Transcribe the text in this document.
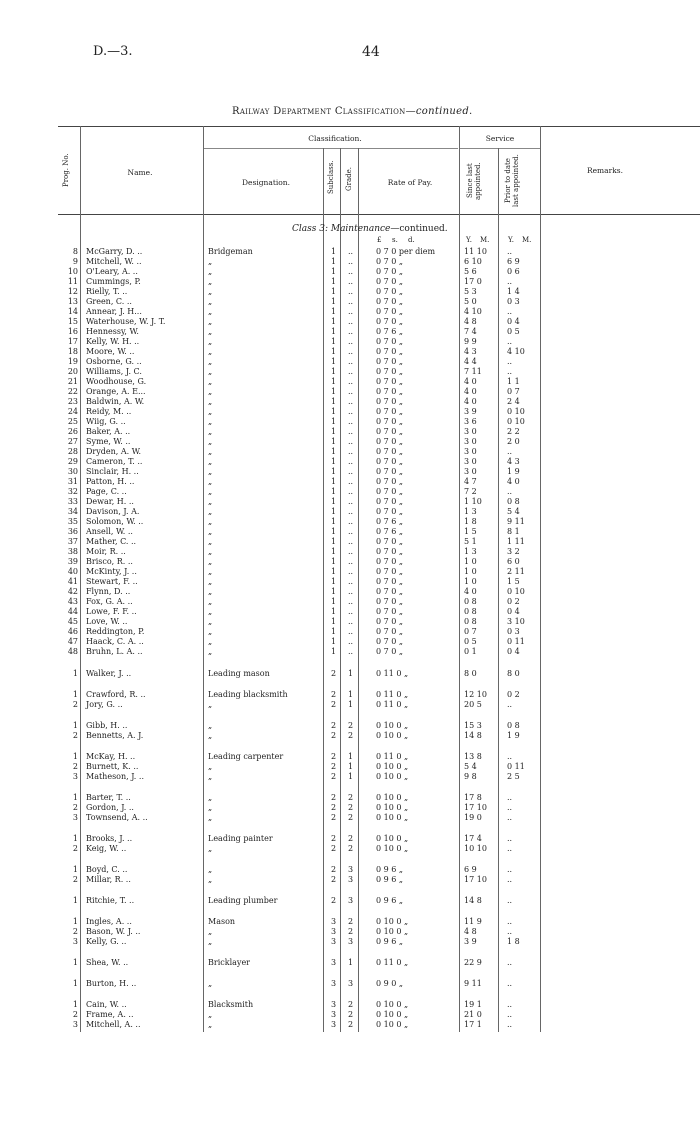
D.—3.	44
Railway Department Classification—continued.
Prog. No.	Name.
Classification.
Designation.	Subclass. Grade.	Rate of Pay.
Service
Since last appointed.	Prior to date last appointed.	Remarks.
Class 3: Maintenance—continued.
£ s. d.	Y. M.	Y. M.
8 McGarry, D. ..	Bridgeman	1 ..	0 7 0 per diem	11 10	..
9 Mitchell, W. ..	„	1 ..	0 7 0 „	6 10	6 9
10 O'Leary, A. ..	„	1 ..	0 7 0 „	5 6	0 6
11 Cummings, P.	„	1 ..	0 7 0 „	17 0	..
12 Rielly, T. ..	„	1 ..	0 7 0 „	5 3	1 4
13 Green, C. ..	„	1 ..	0 7 0 „	5 0	0 3
14 Annear, J. H...	„	1 ..	0 7 0 „	4 10	..
15 Waterhouse, W. J. T.	„	1 ..	0 7 0 „	4 8	0 4
16 Hennessy, W.	„	1 ..	0 7 6 „	7 4	0 5
17 Kelly, W. H. ..	„	1 ..	0 7 0 „	9 9	..
18 Moore, W. ..	„	1 ..	0 7 0 „	4 3	4 10
19 Osborne, G. ..	„	1 ..	0 7 0 „	4 4	..
20 Williams, J. C.	„	1 ..	0 7 0 „	7 11	..
21 Woodhouse, G.	„	1 ..	0 7 0 „	4 0	1 1
22 Orange, A. E...	„	1 ..	0 7 0 „	4 0	0 7
23 Baldwin, A. W.	„	1 ..	0 7 0 „	4 0	2 4
24 Reidy, M. ..	„	1 ..	0 7 0 „	3 9	0 10
25 Wiig, G. ..	„	1 ..	0 7 0 „	3 6	0 10
26 Baker, A. ..	„	1 ..	0 7 0 „	3 0	2 2
27 Syme, W. ..	„	1 ..	0 7 0 „	3 0	2 0
28 Dryden, A. W.	„	1 ..	0 7 0 „	3 0	..
29 Cameron, T. ..	„	1 ..	0 7 0 „	3 0	4 3
30 Sinclair, H. ..	„	1 ..	0 7 0 „	3 0	1 9
31 Patton, H. ..	„	1 ..	0 7 0 „	4 7	4 0
32 Page, C. ..	„	1 ..	0 7 0 „	7 2	..
33 Dewar, H. ..	„	1 ..	0 7 0 „	1 10	0 8
34 Davison, J. A.	„	1 ..	0 7 0 „	1 3	5 4
35 Solomon, W. ..	„	1 ..	0 7 6 „	1 8	9 11
36 Ansell, W. ..	„	1 ..	0 7 6 „	1 5	8 1
37 Mather, C. ..	„	1 ..	0 7 0 „	5 1	1 11
38 Moir, R. ..	„	1 ..	0 7 0 „	1 3	3 2
39 Brisco, R. ..	„	1 ..	0 7 0 „	1 0	6 0
40 McKinty, J. ..	„	1 ..	0 7 0 „	1 0	2 11
41 Stewart, F. ..	„	1 ..	0 7 0 „	1 0	1 5
42 Flynn, D. ..	„	1 ..	0 7 0 „	4 0	0 10
43 Fox, G. A. ..	„	1 ..	0 7 0 „	0 8	0 2
44 Lowe, F. F. ..	„	1 ..	0 7 0 „	0 8	0 4
45 Love, W. ..	„	1 ..	0 7 0 „	0 8	3 10
46 Reddington, P.	„	1 ..	0 7 0 „	0 7	0 3
47 Haack, C. A. ..	„	1 ..	0 7 0 „	0 5	0 11
48 Bruhn, L. A. ..	„	1 ..	0 7 0 „	0 1	0 4
1 Walker, J. ..	Leading mason	2 1	0 11 0 „	8 0	8 0
1 Crawford, R. ..	Leading blacksmith	2 1	0 11 0 „	12 10	0 2
2 Jory, G. ..	„	2 1	0 11 0 „	20 5	..
1 Gibb, H. ..	„	2 2	0 10 0 „	15 3	0 8
2 Bennetts, A. J.	„	2 2	0 10 0 „	14 8	1 9
1 McKay, H. ..	Leading carpenter	2 1	0 11 0 „	13 8	..
2 Burnett, K. ..	„	2 1	0 10 0 „	5 4	0 11
3 Matheson, J. ..	„	2 1	0 10 0 „	9 8	2 5
1 Barter, T. ..	„	2 2	0 10 0 „	17 8	..
2 Gordon, J. ..	„	2 2	0 10 0 „	17 10	..
3 Townsend, A. ..	„	2 2	0 10 0 „	19 0	..
1 Brooks, J. ..	Leading painter	2 2	0 10 0 „	17 4	..
2 Keig, W. ..	„	2 2	0 10 0 „	10 10	..
1 Boyd, C. ..	„	2 3	0 9 6 „	6 9	..
2 Millar, R. ..	„	2 3	0 9 6 „	17 10	..
1 Ritchie, T. ..	Leading plumber	2 3	0 9 6 „	14 8	..
1 Ingles, A. ..	Mason	3 2	0 10 0 „	11 9	..
2 Bason, W. J. ..	„	3 2	0 10 0 „	4 8	..
3 Kelly, G. ..	„	3 3	0 9 6 „	3 9	1 8
1 Shea, W. ..	Bricklayer	3 1	0 11 0 „	22 9	..
1 Burton, H. ..	„	3 3	0 9 0 „	9 11	..
1 Cain, W. ..	Blacksmith	3 2	0 10 0 „	19 1	..
2 Frame, A. ..	„	3 2	0 10 0 „	21 0	..
3 Mitchell, A. ..	„	3 2	0 10 0 „	17 1	..
